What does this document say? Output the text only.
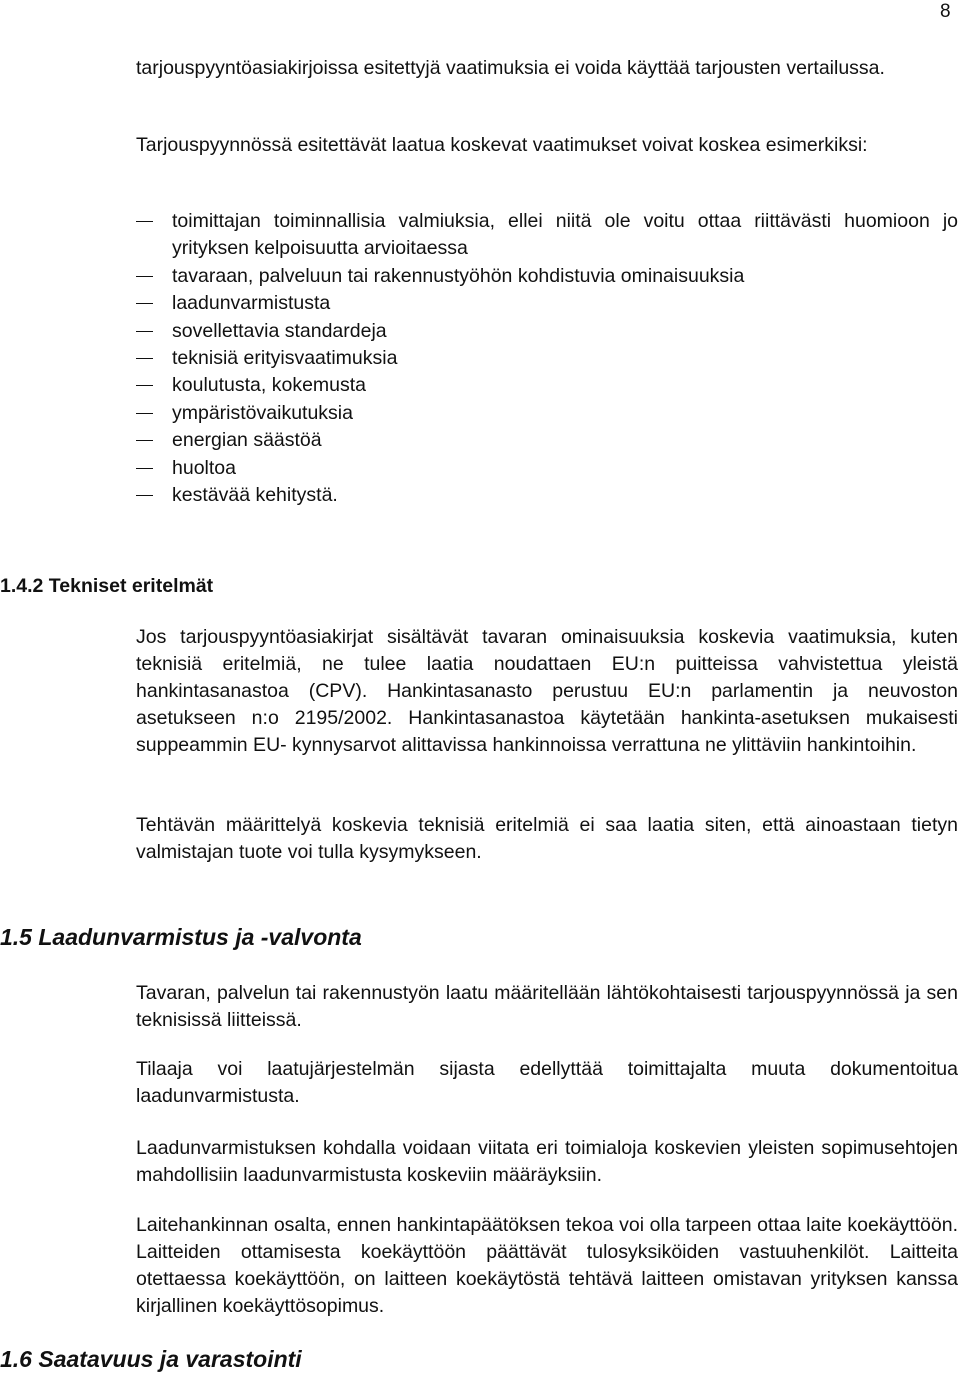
8
tarjouspyyntöasiakirjoissa esitettyjä vaatimuksia ei voida käyttää tarjousten vertailussa.
Tarjouspyynnössä esitettävät laatua koskevat vaatimukset voivat koskea esimerkiksi:
toimittajan toiminnallisia valmiuksia, ellei niitä ole voitu ottaa riittävästi huomioon jo yrityksen kelpoisuutta arvioitaessa
tavaraan, palveluun tai rakennustyöhön kohdistuvia ominaisuuksia
laadunvarmistusta
sovellettavia standardeja
teknisiä erityisvaatimuksia
koulutusta, kokemusta
ympäristövaikutuksia
energian säästöä
huoltoa
kestävää kehitystä.
1.4.2 Tekniset eritelmät
Jos tarjouspyyntöasiakirjat sisältävät tavaran ominaisuuksia koskevia vaatimuksia, kuten teknisiä eritelmiä, ne tulee laatia noudattaen EU:n puitteissa vahvistettua yleistä hankintasanastoa (CPV). Hankintasanasto perustuu EU:n parlamentin ja neuvoston asetukseen n:o 2195/2002. Hankintasanastoa käytetään hankinta-asetuksen mukaisesti suppeammin EU- kynnysarvot alittavissa hankinnoissa verrattuna ne ylittäviin hankintoihin.
Tehtävän määrittelyä koskevia teknisiä eritelmiä ei saa laatia siten, että ainoastaan tietyn valmistajan tuote voi tulla kysymykseen.
1.5 Laadunvarmistus ja -valvonta
Tavaran, palvelun tai rakennustyön laatu määritellään lähtökohtaisesti tarjouspyynnössä ja sen teknisissä liitteissä.
Tilaaja voi laatujärjestelmän sijasta edellyttää toimittajalta muuta dokumentoitua laadunvarmistusta.
Laadunvarmistuksen kohdalla voidaan viitata eri toimialoja koskevien yleisten sopimusehtojen mahdollisiin laadunvarmistusta koskeviin määräyksiin.
Laitehankinnan osalta, ennen hankintapäätöksen tekoa voi olla tarpeen ottaa laite koekäyttöön. Laitteiden ottamisesta koekäyttöön päättävät tulosyksiköiden vastuuhenkilöt. Laitteita otettaessa koekäyttöön, on laitteen koekäytöstä tehtävä laitteen omistavan yrityksen kanssa kirjallinen koekäyttösopimus.
1.6 Saatavuus ja varastointi
